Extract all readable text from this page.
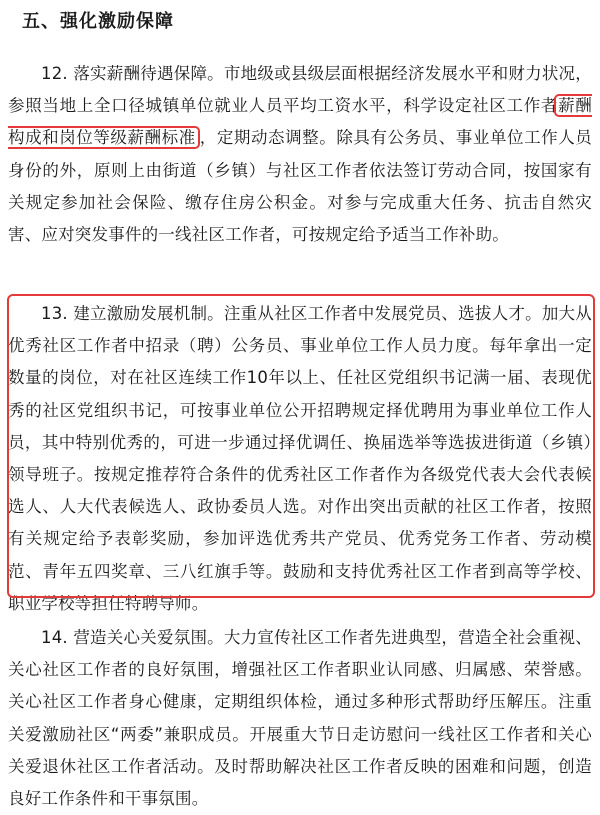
五、强化激励保障

12. 落实薪酬待遇保障。市地级或县级层面根据经济发展水平和财力状况，参照当地上全口径城镇单位就业人员平均工资水平，科学设定社区工作者薪酬构成和岗位等级薪酬标准 ，定期动态调整。除具有公务员、事业单位工作人员身份的外，原则上由街道（乡镇）与社区工作者依法签订劳动合同，按国家有关规定参加社会保险、缴存住房公积金。对参与完成重大任务、抗击自然灾害、应对突发事件的一线社区工作者，可按规定给予适当工作补助。

13. 建立激励发展机制。注重从社区工作者中发展党员、选拔人才。加大从优秀社区工作者中招录（聘）公务员、事业单位工作人员力度。每年拿出一定数量的岗位，对在社区连续工作10年以上、任社区党组织书记满一届、表现优秀的社区党组织书记，可按事业单位公开招聘规定择优聘用为事业单位工作人员，其中特别优秀的，可进一步通过择优调任、换届选举等选拔进街道（乡镇）领导班子。按规定推荐符合条件的优秀社区工作者作为各级党代表大会代表候选人、人大代表候选人、政协委员人选。对作出突出贡献的社区工作者，按照有关规定给予表彰奖励，参加评选优秀共产党员、优秀党务工作者、劳动模范、青年五四奖章、三八红旗手等。鼓励和支持优秀社区工作者到高等学校、职业学校等担任特聘导师。

14. 营造关心关爱氛围。大力宣传社区工作者先进典型，营造全社会重视、关心社区工作者的良好氛围，增强社区工作者职业认同感、归属感、荣誉感。关心社区工作者身心健康，定期组织体检，通过多种形式帮助纾压解压。注重关爱激励社区“两委”兼职成员。开展重大节日走访慰问一线社区工作者和关心关爱退休社区工作者活动。及时帮助解决社区工作者反映的困难和问题，创造良好工作条件和干事氛围。
